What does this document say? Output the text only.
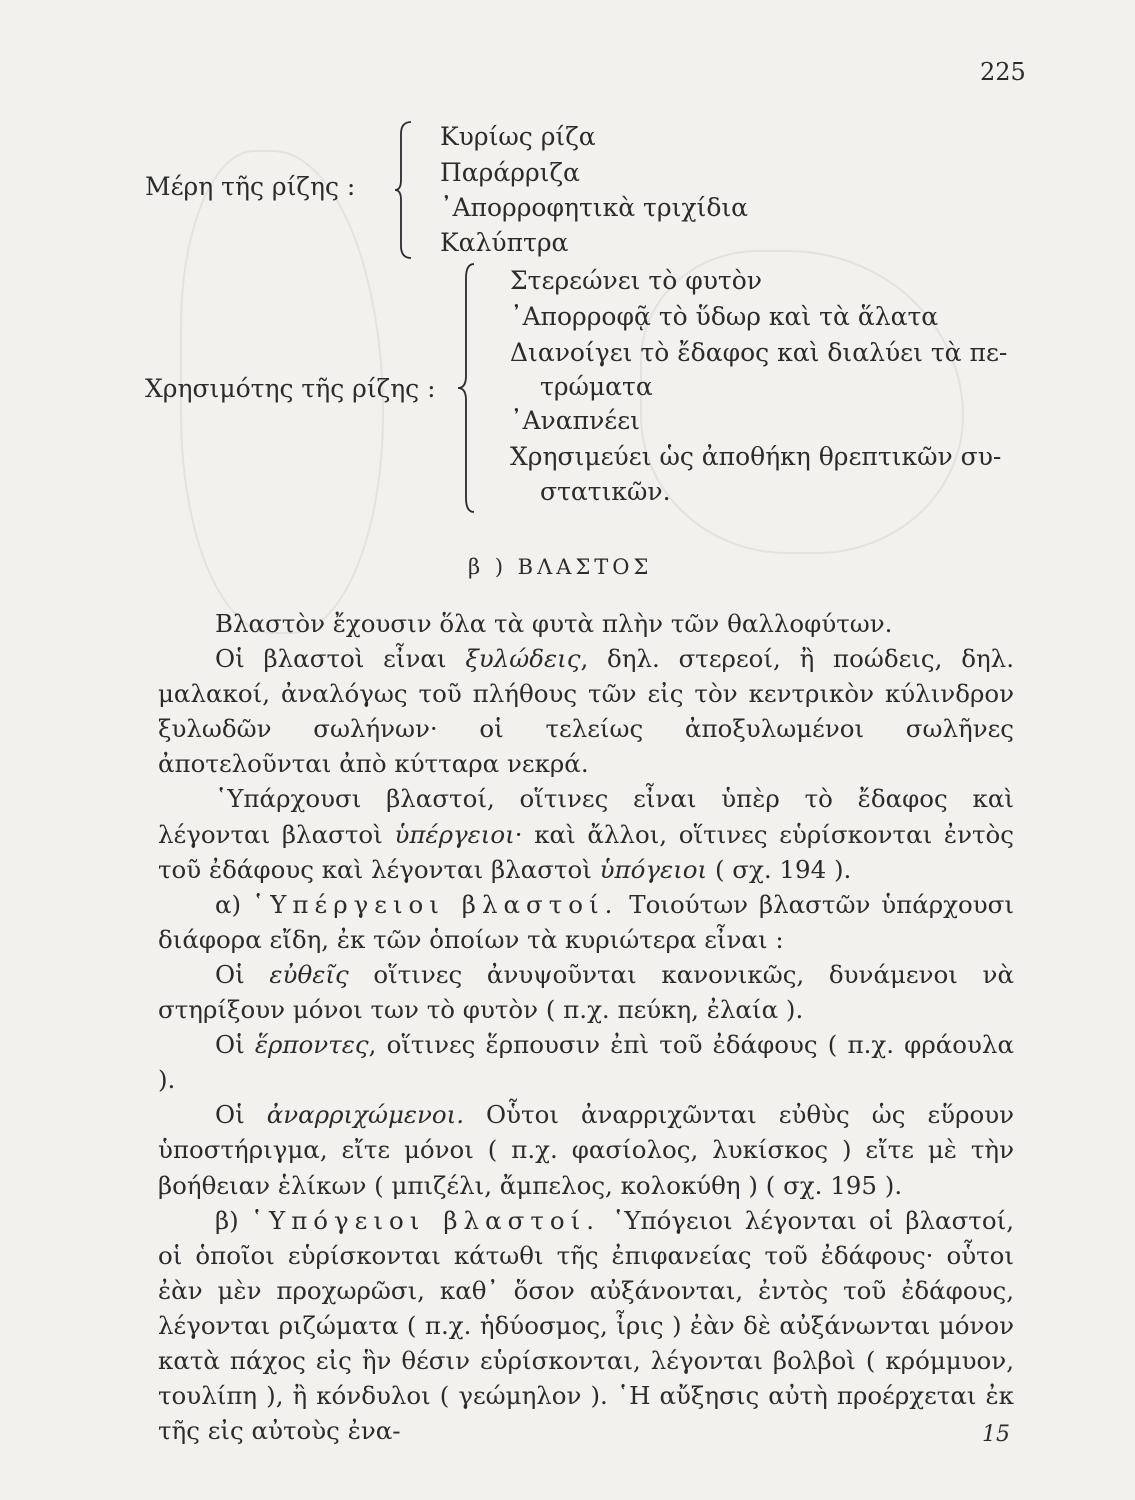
225
Μέρη τῆς ρίζης :
Κυρίως ρίζα
Παράρριζα
᾿Απορροφητικὰ τριχίδια
Καλύπτρα
Χρησιμότης τῆς ρίζης :
Στερεώνει τὸ φυτὸν
᾿Απορροφᾷ τὸ ὕδωρ καὶ τὰ ἅλατα
Διανοίγει τὸ ἔδαφος καὶ διαλύει τὰ πε-
τρώματα
᾿Αναπνέει
Χρησιμεύει ὡς ἀποθήκη θρεπτικῶν συ-
στατικῶν.
β ) ΒΛΑΣΤΟΣ

Βλαστὸν ἔχουσιν ὅλα τὰ φυτὰ πλὴν τῶν θαλλοφύτων.

Οἱ βλαστοὶ εἶναι ξυλώδεις, δηλ. στερεοί, ἢ ποώδεις, δηλ. μαλακοί, ἀναλόγως τοῦ πλήθους τῶν εἰς τὸν κεντρικὸν κύλινδρον ξυλωδῶν σωλήνων· οἱ τελείως ἀποξυλωμένοι σωλῆνες ἀποτελοῦνται ἀπὸ κύτταρα νεκρά.

῾Υπάρχουσι βλαστοί, οἵτινες εἶναι ὑπὲρ τὸ ἔδαφος καὶ λέγονται βλαστοὶ ὑπέργειοι· καὶ ἄλλοι, οἵτινες εὑρίσκονται ἐντὸς τοῦ ἐδάφους καὶ λέγονται βλαστοὶ ὑπόγειοι ( σχ. 194 ).

α) ῾Υπέργειοι βλαστοί. Τοιούτων βλαστῶν ὑπάρχουσι διάφορα εἴδη, ἐκ τῶν ὁποίων τὰ κυριώτερα εἶναι :

Οἱ εὐθεῖς οἵτινες ἀνυψοῦνται κανονικῶς, δυνάμενοι νὰ στηρίξουν μόνοι των τὸ φυτὸν ( π.χ. πεύκη, ἐλαία ).

Οἱ ἕρποντες, οἵτινες ἕρπουσιν ἐπὶ τοῦ ἐδάφους ( π.χ. φράουλα ).

Οἱ ἀναρριχώμενοι. Οὗτοι ἀναρριχῶνται εὐθὺς ὡς εὕρουν ὑποστήριγμα, εἴτε μόνοι ( π.χ. φασίολος, λυκίσκος ) εἴτε μὲ τὴν βοήθειαν ἑλίκων ( μπιζέλι, ἄμπελος, κολοκύθη ) ( σχ. 195 ).

β) ῾Υπόγειοι βλαστοί. ῾Υπόγειοι λέγονται οἱ βλαστοί, οἱ ὁποῖοι εὑρίσκονται κάτωθι τῆς ἐπιφανείας τοῦ ἐδάφους· οὗτοι ἐὰν μὲν προχωρῶσι, καθ᾿ ὅσον αὐξάνονται, ἐντὸς τοῦ ἐδάφους, λέγονται ριζώματα ( π.χ. ἡδύοσμος, ἶρις ) ἐὰν δὲ αὐξάνωνται μόνον κατὰ πάχος εἰς ἣν θέσιν εὑρίσκονται, λέγονται βολβοὶ ( κρόμμυον, τουλίπη ), ἢ κόνδυλοι ( γεώμηλον ). ῾Η αὔξησις αὐτὴ προέρχεται ἐκ τῆς εἰς αὐτοὺς ἐνα-	15
